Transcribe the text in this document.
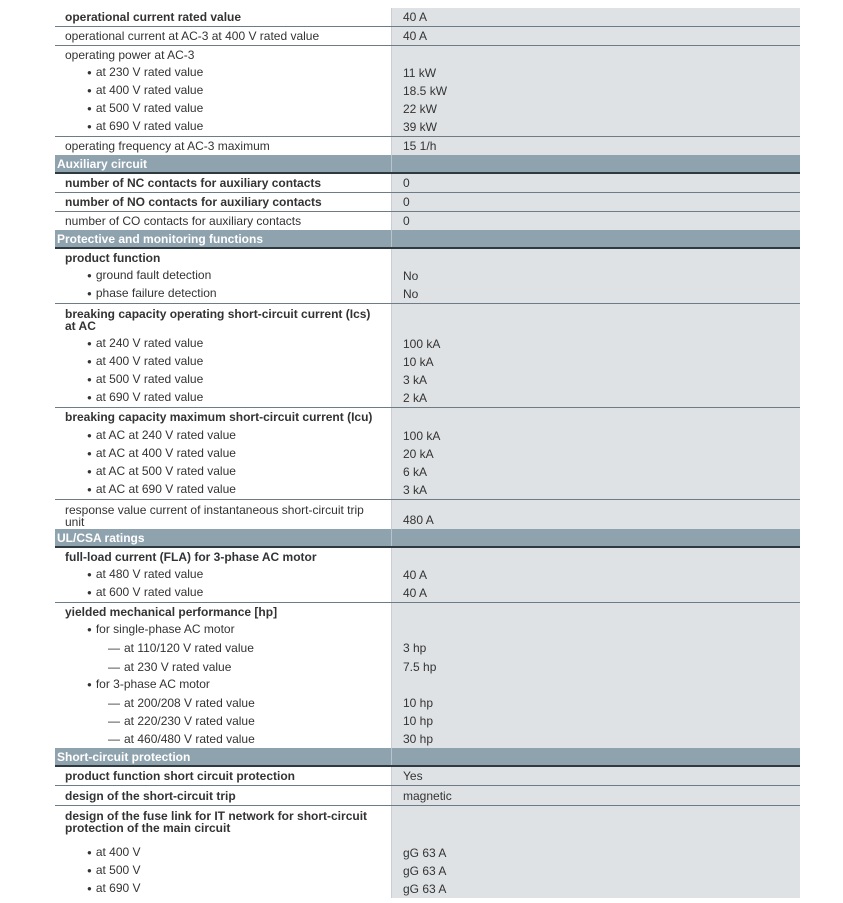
operational current rated value	40 A
operational current at AC-3 at 400 V rated value	40 A
operating power at AC-3
● at 230 V rated value	11 kW
● at 400 V rated value	18.5 kW
● at 500 V rated value	22 kW
● at 690 V rated value	39 kW
operating frequency at AC-3 maximum	15 1/h
Auxiliary circuit
number of NC contacts for auxiliary contacts	0
number of NO contacts for auxiliary contacts	0
number of CO contacts for auxiliary contacts	0
Protective and monitoring functions
product function
● ground fault detection	No
● phase failure detection	No
breaking capacity operating short-circuit current (Ics) at AC
● at 240 V rated value	100 kA
● at 400 V rated value	10 kA
● at 500 V rated value	3 kA
● at 690 V rated value	2 kA
breaking capacity maximum short-circuit current (Icu)
● at AC at 240 V rated value	100 kA
● at AC at 400 V rated value	20 kA
● at AC at 500 V rated value	6 kA
● at AC at 690 V rated value	3 kA
response value current of instantaneous short-circuit trip unit	480 A
UL/CSA ratings
full-load current (FLA) for 3-phase AC motor
● at 480 V rated value	40 A
● at 600 V rated value	40 A
yielded mechanical performance [hp]
● for single-phase AC motor
— at 110/120 V rated value	3 hp
— at 230 V rated value	7.5 hp
● for 3-phase AC motor
— at 200/208 V rated value	10 hp
— at 220/230 V rated value	10 hp
— at 460/480 V rated value	30 hp
Short-circuit protection
product function short circuit protection	Yes
design of the short-circuit trip	magnetic
design of the fuse link for IT network for short-circuit protection of the main circuit
● at 400 V	gG 63 A
● at 500 V	gG 63 A
● at 690 V	gG 63 A
